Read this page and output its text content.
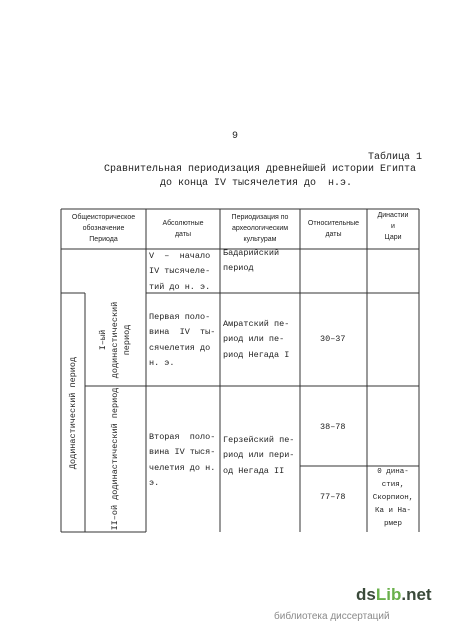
9
Таблица 1
Сравнительная периодизация древнейшей истории Египта
до конца IV тысячелетия до  н.э.
Общеисторическое
обозначение
Периода
Абсолютные
даты
Периодизация по
археологическим
культурам
Относительные
даты
Династии
и
Цари
V  –  начало
IV тысячеле-
тий до н. э.
Бадарийский
период
Додинастический период
I–ый
додинастический
период
II–ой додинастический период
Первая поло-
вина  IV  ты-
сячелетия до
н. э.
Амратский пе-
риод или пе-
риод Негада I
30–37
Вторая  поло-
вина IV тыся-
челетия до н.
э.
Герзейский пе-
риод или пери-
од Негада II
38–78
77–78
0 дина-
стия,
Скорпион,
Ка и На-
рмер
dsLib.net
библиотека диссертаций
